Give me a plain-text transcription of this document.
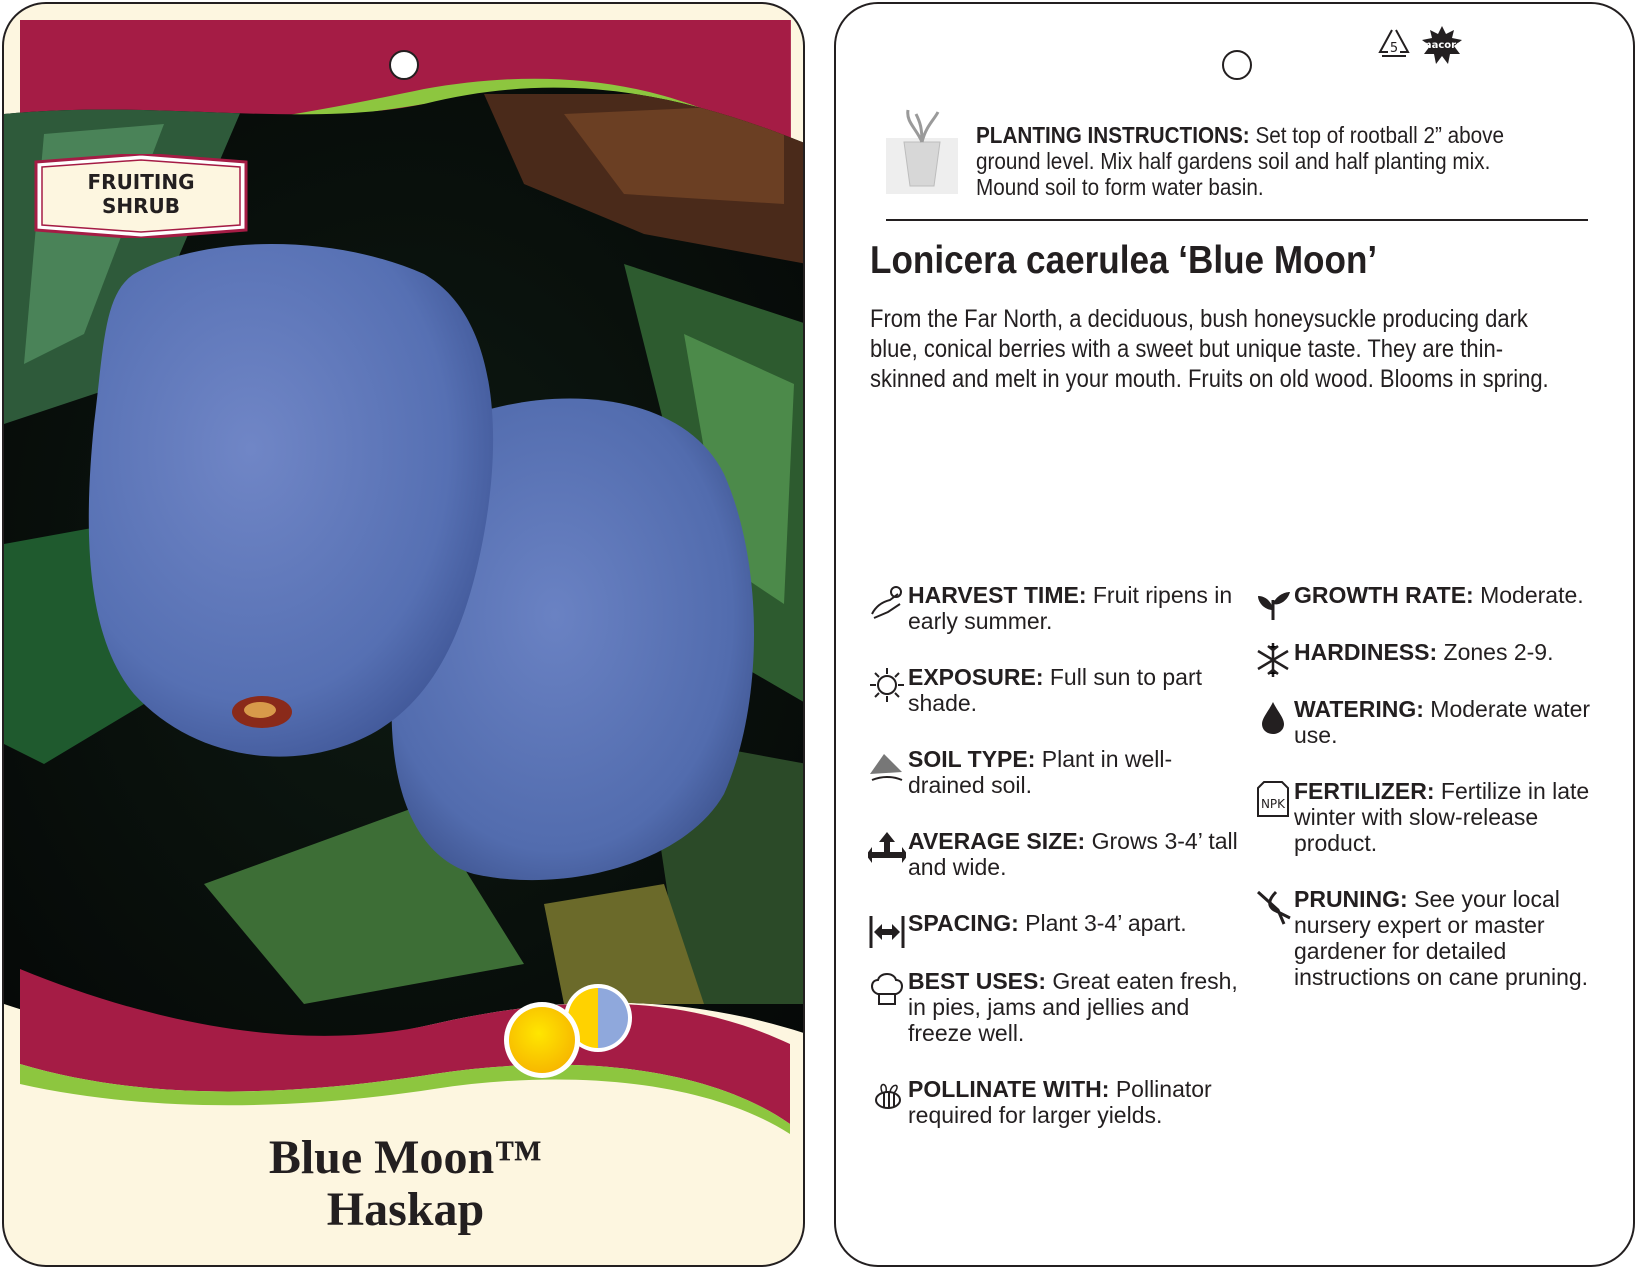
FRUITING
SHRUB
Blue Moon™
Haskap
5 macore
PLANTING INSTRUCTIONS: Set top of rootball 2” above ground level. Mix half gardens soil and half planting mix. Mound soil to form water basin.
Lonicera caerulea ‘Blue Moon’
From the Far North, a deciduous, bush honeysuckle producing dark blue, conical berries with a sweet but unique taste. They are thin-skinned and melt in your mouth. Fruits on old wood. Blooms in spring.
HARVEST TIME: Fruit ripens in early summer.
EXPOSURE: Full sun to part shade.
SOIL TYPE: Plant in well-drained soil.
AVERAGE SIZE: Grows 3-4’ tall and wide.
SPACING: Plant 3-4’ apart.
BEST USES: Great eaten fresh, in pies, jams and jellies and freeze well.
POLLINATE WITH: Pollinator required for larger yields.
GROWTH RATE: Moderate.
HARDINESS: Zones 2-9.
WATERING: Moderate water use.
NPK FERTILIZER: Fertilize in late winter with slow-release product.
PRUNING: See your local nursery expert or master gardener for detailed instructions on cane pruning.
